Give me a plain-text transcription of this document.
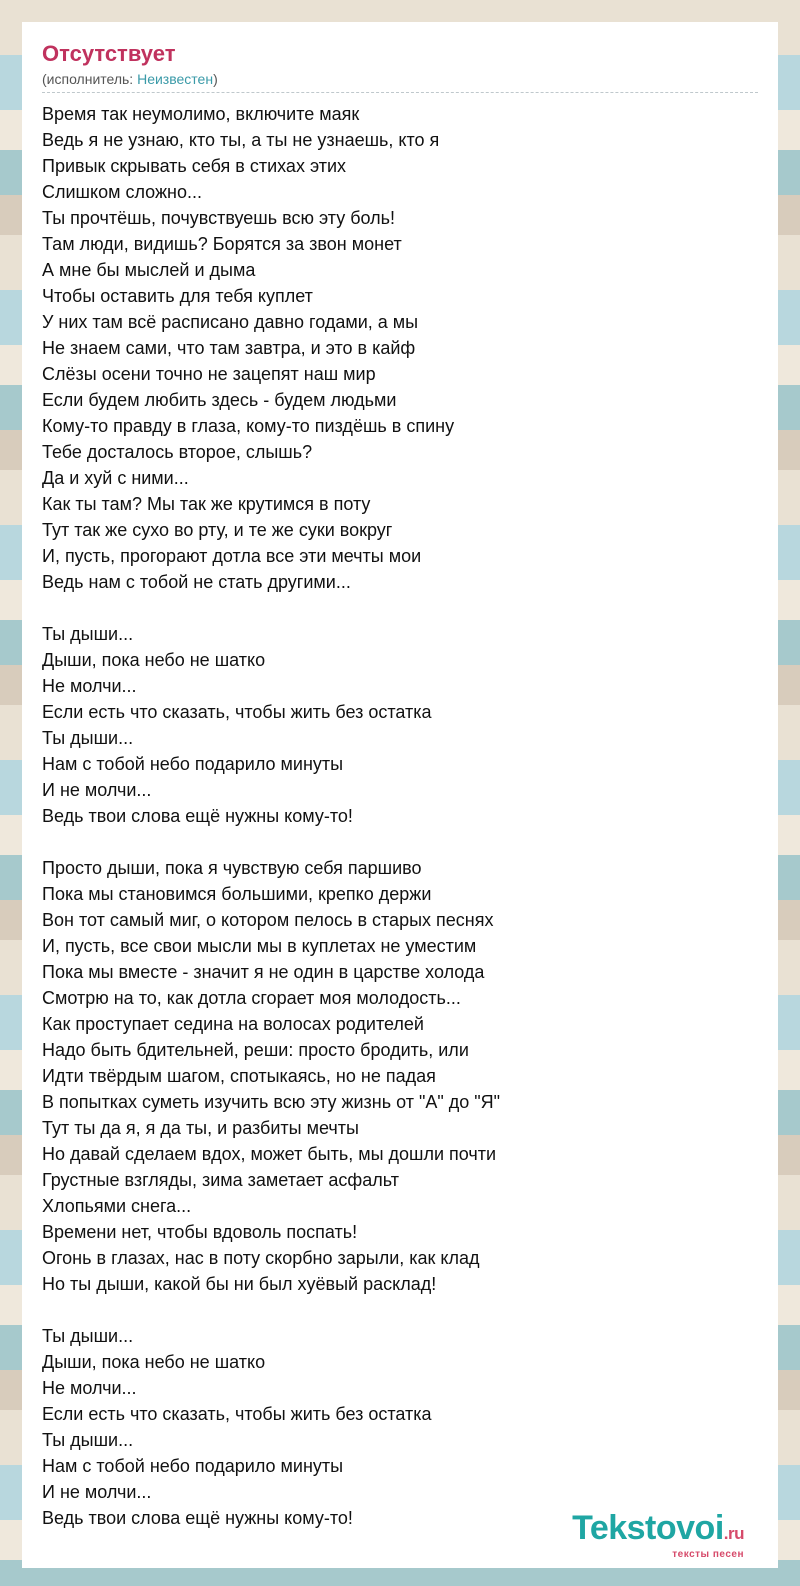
Отсутствует
(исполнитель: Неизвестен)
Время так неумолимо, включите маяк
Ведь я не узнаю, кто ты, а ты не узнаешь, кто я
Привык скрывать себя в стихах этих
Слишком сложно...
Ты прочтёшь, почувствуешь всю эту боль!
Там люди, видишь? Борятся за звон монет
А мне бы мыслей и дыма
Чтобы оставить для тебя куплет
У них там всё расписано давно годами, а мы
Не знаем сами, что там завтра, и это в кайф
Слёзы осени точно не зацепят наш мир
Если будем любить здесь - будем людьми
Кому-то правду в глаза, кому-то пиздёшь в спину
Тебе досталось второе, слышь?
Да и хуй с ними...
Как ты там? Мы так же крутимся в поту
Тут так же сухо во рту, и те же суки вокруг
И, пусть, прогорают дотла все эти мечты мои
Ведь нам с тобой не стать другими...
Ты дыши...
Дыши, пока небо не шатко
Не молчи...
Если есть что сказать, чтобы жить без остатка
Ты дыши...
Нам с тобой небо подарило минуты
И не молчи...
Ведь твои слова ещё нужны кому-то!
Просто дыши, пока я чувствую себя паршиво
Пока мы становимся большими, крепко держи
Вон тот самый миг, о котором пелось в старых песнях
И, пусть, все свои мысли мы в куплетах не уместим
Пока мы вместе - значит я не один в царстве холода
Смотрю на то, как дотла сгорает моя молодость...
Как проступает седина на волосах родителей
Надо быть бдительней, реши: просто бродить, или
Идти твёрдым шагом, спотыкаясь, но не падая
В попытках суметь изучить всю эту жизнь от "А" до "Я"
Тут ты да я, я да ты, и разбиты мечты
Но давай сделаем вдох, может быть, мы дошли почти
Грустные взгляды, зима заметает асфальт
Хлопьями снега...
Времени нет, чтобы вдоволь поспать!
Огонь в глазах, нас в поту скорбно зарыли, как клад
Но ты дыши, какой бы ни был хуёвый расклад!
Ты дыши...
Дыши, пока небо не шатко
Не молчи...
Если есть что сказать, чтобы жить без остатка
Ты дыши...
Нам с тобой небо подарило минуты
И не молчи...
Ведь твои слова ещё нужны кому-то!	Tekstovoi.ru
тексты песен
